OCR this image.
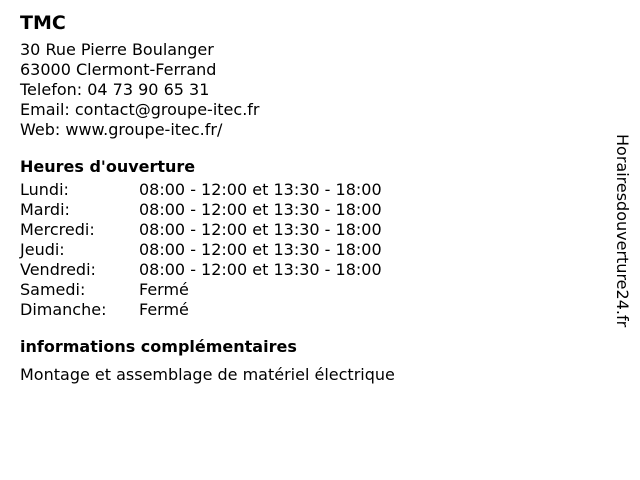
TMC
30 Rue Pierre Boulanger
63000 Clermont-Ferrand
Telefon: 04 73 90 65 31
Email: contact@groupe-itec.fr
Web: www.groupe-itec.fr/
Heures d'ouverture
Lundi:	08:00 - 12:00 et 13:30 - 18:00
Mardi:	08:00 - 12:00 et 13:30 - 18:00
Mercredi:	08:00 - 12:00 et 13:30 - 18:00
Jeudi:	08:00 - 12:00 et 13:30 - 18:00
Vendredi:	08:00 - 12:00 et 13:30 - 18:00
Samedi:	Fermé
Dimanche:	Fermé
informations complémentaires
Montage et assemblage de matériel électrique
Horairesdouverture24.fr
